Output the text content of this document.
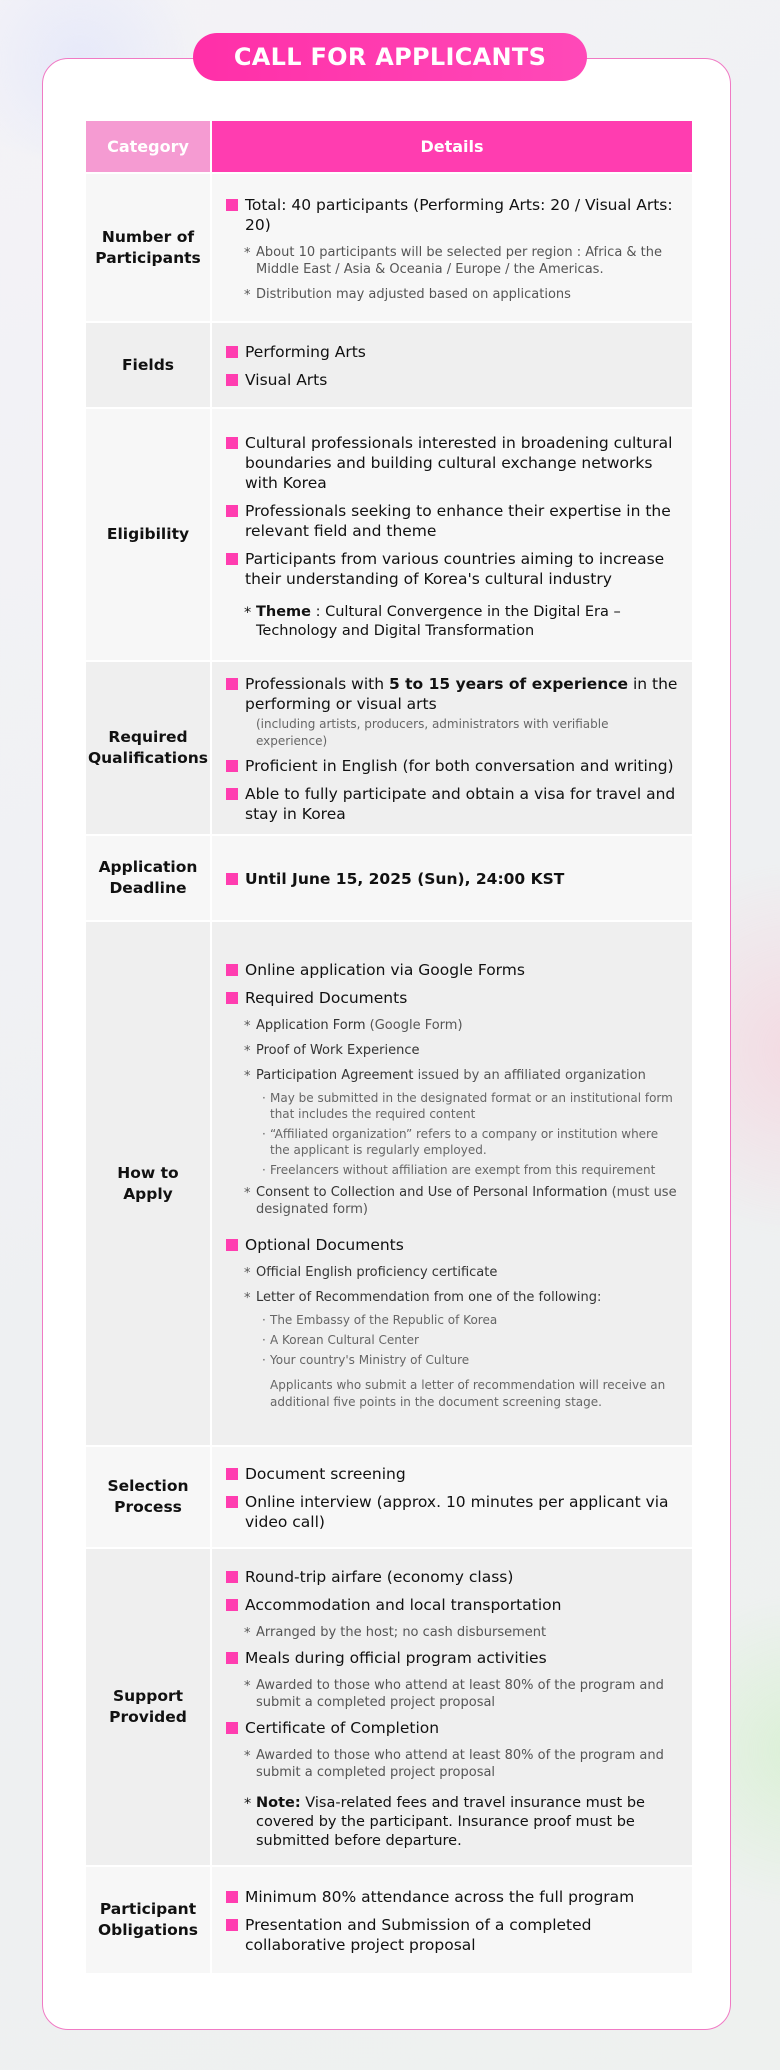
CALL FOR APPLICANTS
Category	Details
Number of Participants
Total: 40 participants (Performing Arts: 20 / Visual Arts: 20)
* About 10 participants will be selected per region : Africa & the Middle East / Asia & Oceania / Europe / the Americas.
* Distribution may adjusted based on applications
Fields
Performing Arts
Visual Arts
Eligibility
Cultural professionals interested in broadening cultural boundaries and building cultural exchange networks with Korea
Professionals seeking to enhance their expertise in the relevant field and theme
Participants from various countries aiming to increase their understanding of Korea's cultural industry
* Theme : Cultural Convergence in the Digital Era – Technology and Digital Transformation
Required Qualifications
Professionals with 5 to 15 years of experience in the performing or visual arts
(including artists, producers, administrators with verifiable experience)
Proficient in English (for both conversation and writing)
Able to fully participate and obtain a visa for travel and stay in Korea
Application Deadline	Until June 15, 2025 (Sun), 24:00 KST
How to Apply
Online application via Google Forms
Required Documents
* Application Form (Google Form)
* Proof of Work Experience
* Participation Agreement issued by an affiliated organization
· May be submitted in the designated format or an institutional form that includes the required content
· “Affiliated organization” refers to a company or institution where the applicant is regularly employed.
· Freelancers without affiliation are exempt from this requirement
* Consent to Collection and Use of Personal Information (must use designated form)
Optional Documents
* Official English proficiency certificate
* Letter of Recommendation from one of the following:
· The Embassy of the Republic of Korea
· A Korean Cultural Center
· Your country's Ministry of Culture
Applicants who submit a letter of recommendation will receive an additional five points in the document screening stage.
Selection Process
Document screening
Online interview (approx. 10 minutes per applicant via video call)
Support Provided
Round-trip airfare (economy class)
Accommodation and local transportation
* Arranged by the host; no cash disbursement
Meals during official program activities
* Awarded to those who attend at least 80% of the program and submit a completed project proposal
Certificate of Completion
* Awarded to those who attend at least 80% of the program and submit a completed project proposal
* Note: Visa-related fees and travel insurance must be covered by the participant. Insurance proof must be submitted before departure.
Participant Obligations
Minimum 80% attendance across the full program
Presentation and Submission of a completed collaborative project proposal
